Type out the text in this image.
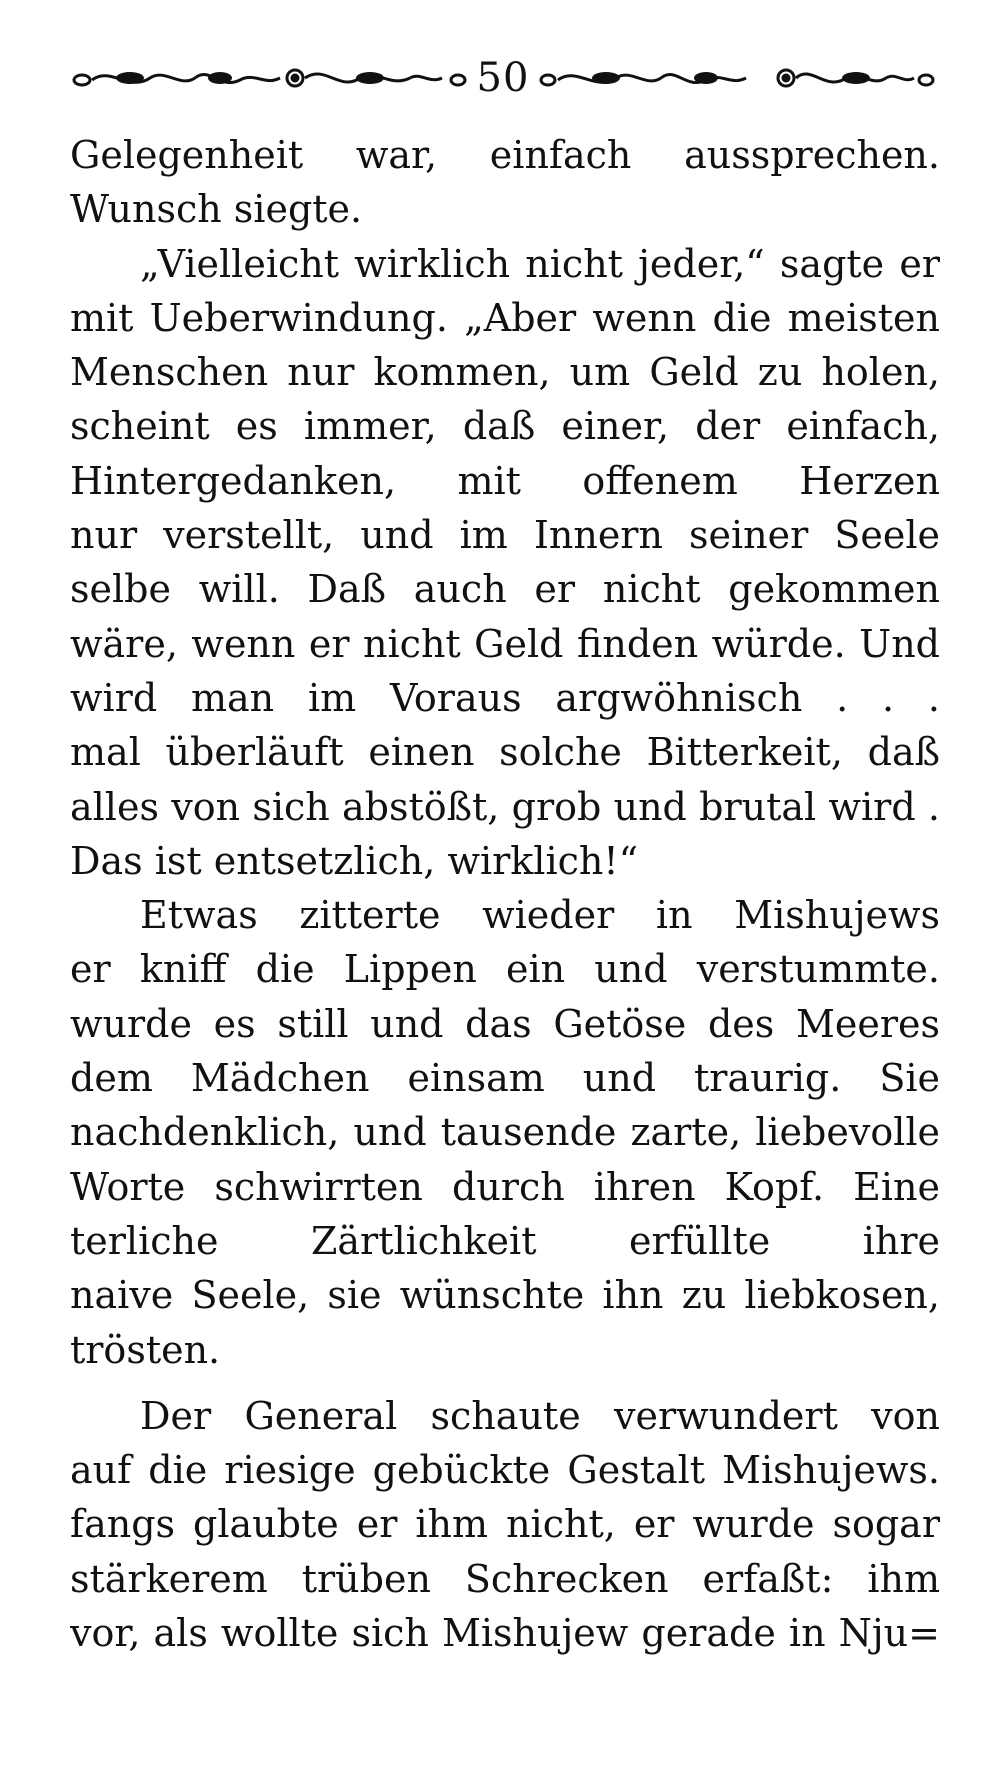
50
Gelegenheit war, einfach aussprechen.
Wunsch siegte.
„Vielleicht wirklich nicht jeder,“ sagte er
mit Ueberwindung. „Aber wenn die meisten
Menschen nur kommen, um Geld zu holen,
scheint es immer, daß einer, der einfach,
Hintergedanken, mit offenem Herzen
nur verstellt, und im Innern seiner Seele
selbe will. Daß auch er nicht gekommen
wäre, wenn er nicht Geld finden würde. Und
wird man im Voraus argwöhnisch . . .
mal überläuft einen solche Bitterkeit, daß
alles von sich abstößt, grob und brutal wird .
Das ist entsetzlich, wirklich!“
Etwas zitterte wieder in Mishujews
er kniff die Lippen ein und verstummte.
wurde es still und das Getöse des Meeres
dem Mädchen einsam und traurig. Sie
nachdenklich, und tausende zarte, liebevolle
Worte schwirrten durch ihren Kopf. Eine
terliche Zärtlichkeit erfüllte ihre
naive Seele, sie wünschte ihn zu liebkosen,
trösten.
Der General schaute verwundert von
auf die riesige gebückte Gestalt Mishujews.
fangs glaubte er ihm nicht, er wurde sogar
stärkerem trüben Schrecken erfaßt: ihm
vor, als wollte sich Mishujew gerade in Nju=
